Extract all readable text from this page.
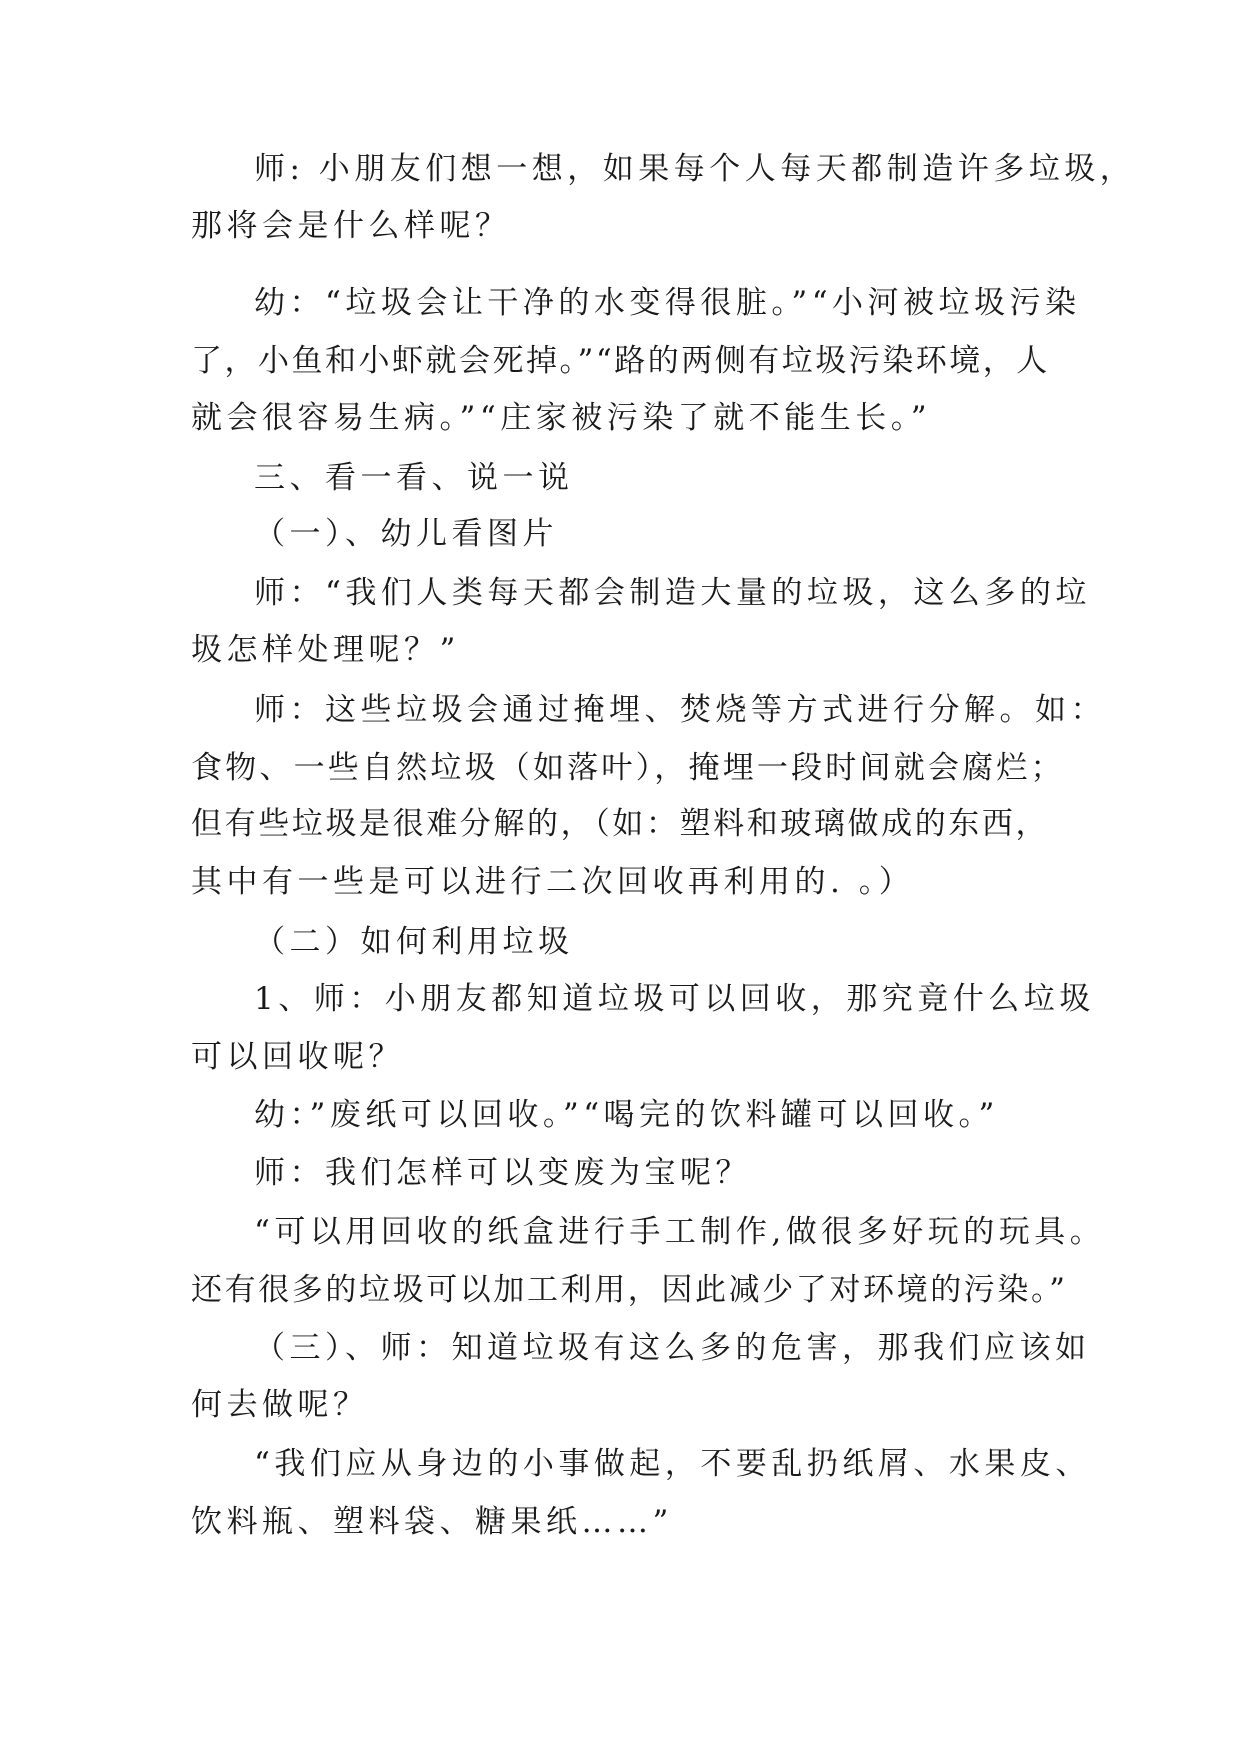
师: 小朋友们想一想，如果每个人每天都制造许多垃圾，
那将会是什么样呢？
幼：“垃圾会让干净的水变得很脏。”“小河被垃圾污染
了，小鱼和小虾就会死掉。”“路的两侧有垃圾污染环境，人
就会很容易生病。”“庄家被污染了就不能生长。”
三、看一看、说一说
（一）、幼儿看图片
师：“我们人类每天都会制造大量的垃圾，这么多的垃
圾怎样处理呢？”
师：这些垃圾会通过掩埋、焚烧等方式进行分解。如：
食物、一些自然垃圾（如落叶），掩埋一段时间就会腐烂；
但有些垃圾是很难分解的，（如：塑料和玻璃做成的东西，
其中有一些是可以进行二次回收再利用的. 。）
（二）如何利用垃圾
1、师：小朋友都知道垃圾可以回收，那究竟什么垃圾
可以回收呢？
幼：”废纸可以回收。”“喝完的饮料罐可以回收。”
师：我们怎样可以变废为宝呢？
“可以用回收的纸盒进行手工制作,做很多好玩的玩具。
还有很多的垃圾可以加工利用，因此减少了对环境的污染。”
（三）、师：知道垃圾有这么多的危害，那我们应该如
何去做呢？
“我们应从身边的小事做起，不要乱扔纸屑、水果皮、
饮料瓶、塑料袋、糖果纸……”
